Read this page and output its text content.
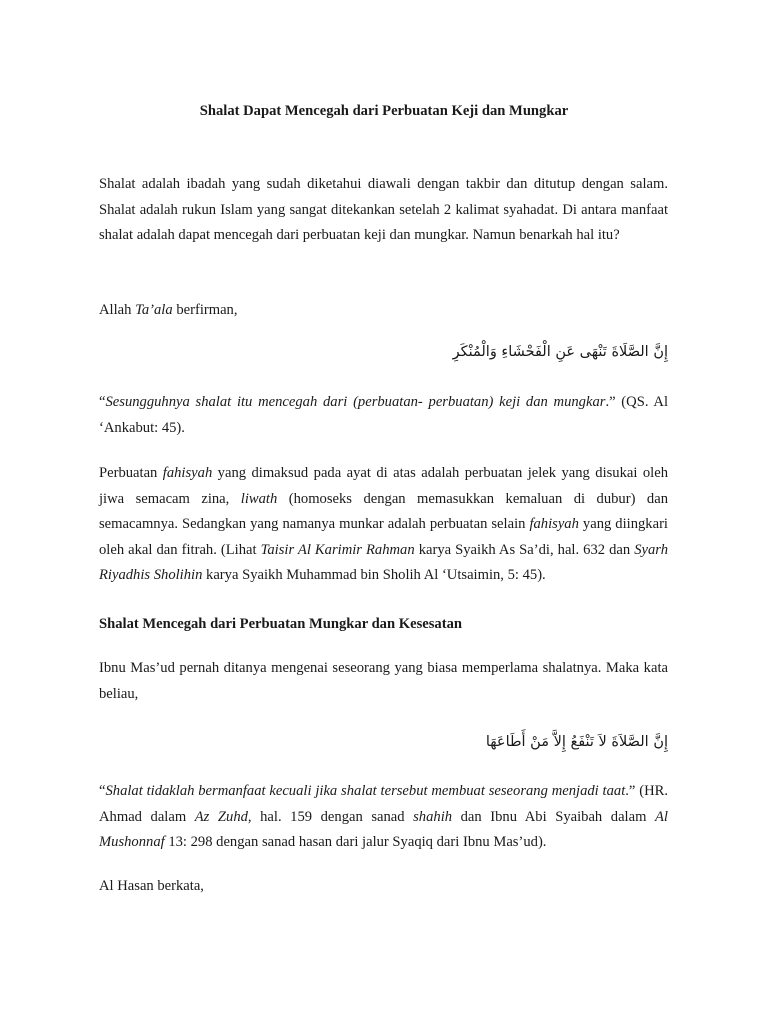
Shalat Dapat Mencegah dari Perbuatan Keji dan Mungkar

Shalat adalah ibadah yang sudah diketahui diawali dengan takbir dan ditutup dengan salam. Shalat adalah rukun Islam yang sangat ditekankan setelah 2 kalimat syahadat. Di antara manfaat shalat adalah dapat mencegah dari perbuatan keji dan mungkar. Namun benarkah hal itu?

Allah Ta’ala berfirman,

إِنَّ الصَّلَاةَ تَنْهَى عَنِ الْفَحْشَاءِ وَالْمُنْكَرِ

“Sesungguhnya shalat itu mencegah dari (perbuatan- perbuatan) keji dan mungkar.” (QS. Al ‘Ankabut: 45).

Perbuatan fahisyah yang dimaksud pada ayat di atas adalah perbuatan jelek yang disukai oleh jiwa semacam zina, liwath (homoseks dengan memasukkan kemaluan di dubur) dan semacamnya. Sedangkan yang namanya munkar adalah perbuatan selain fahisyah yang diingkari oleh akal dan fitrah. (Lihat Taisir Al Karimir Rahman karya Syaikh As Sa’di, hal. 632 dan Syarh Riyadhis Sholihin karya Syaikh Muhammad bin Sholih Al ‘Utsaimin, 5: 45).

Shalat Mencegah dari Perbuatan Mungkar dan Kesesatan

Ibnu Mas’ud pernah ditanya mengenai seseorang yang biasa memperlama shalatnya. Maka kata beliau,

إِنَّ الصَّلاَةَ لاَ تَنْفَعُ إِلاَّ مَنْ أَطَاعَهَا

“Shalat tidaklah bermanfaat kecuali jika shalat tersebut membuat seseorang menjadi taat.” (HR. Ahmad dalam Az Zuhd, hal. 159 dengan sanad shahih dan Ibnu Abi Syaibah dalam Al Mushonnaf 13: 298 dengan sanad hasan dari jalur Syaqiq dari Ibnu Mas’ud).

Al Hasan berkata,
